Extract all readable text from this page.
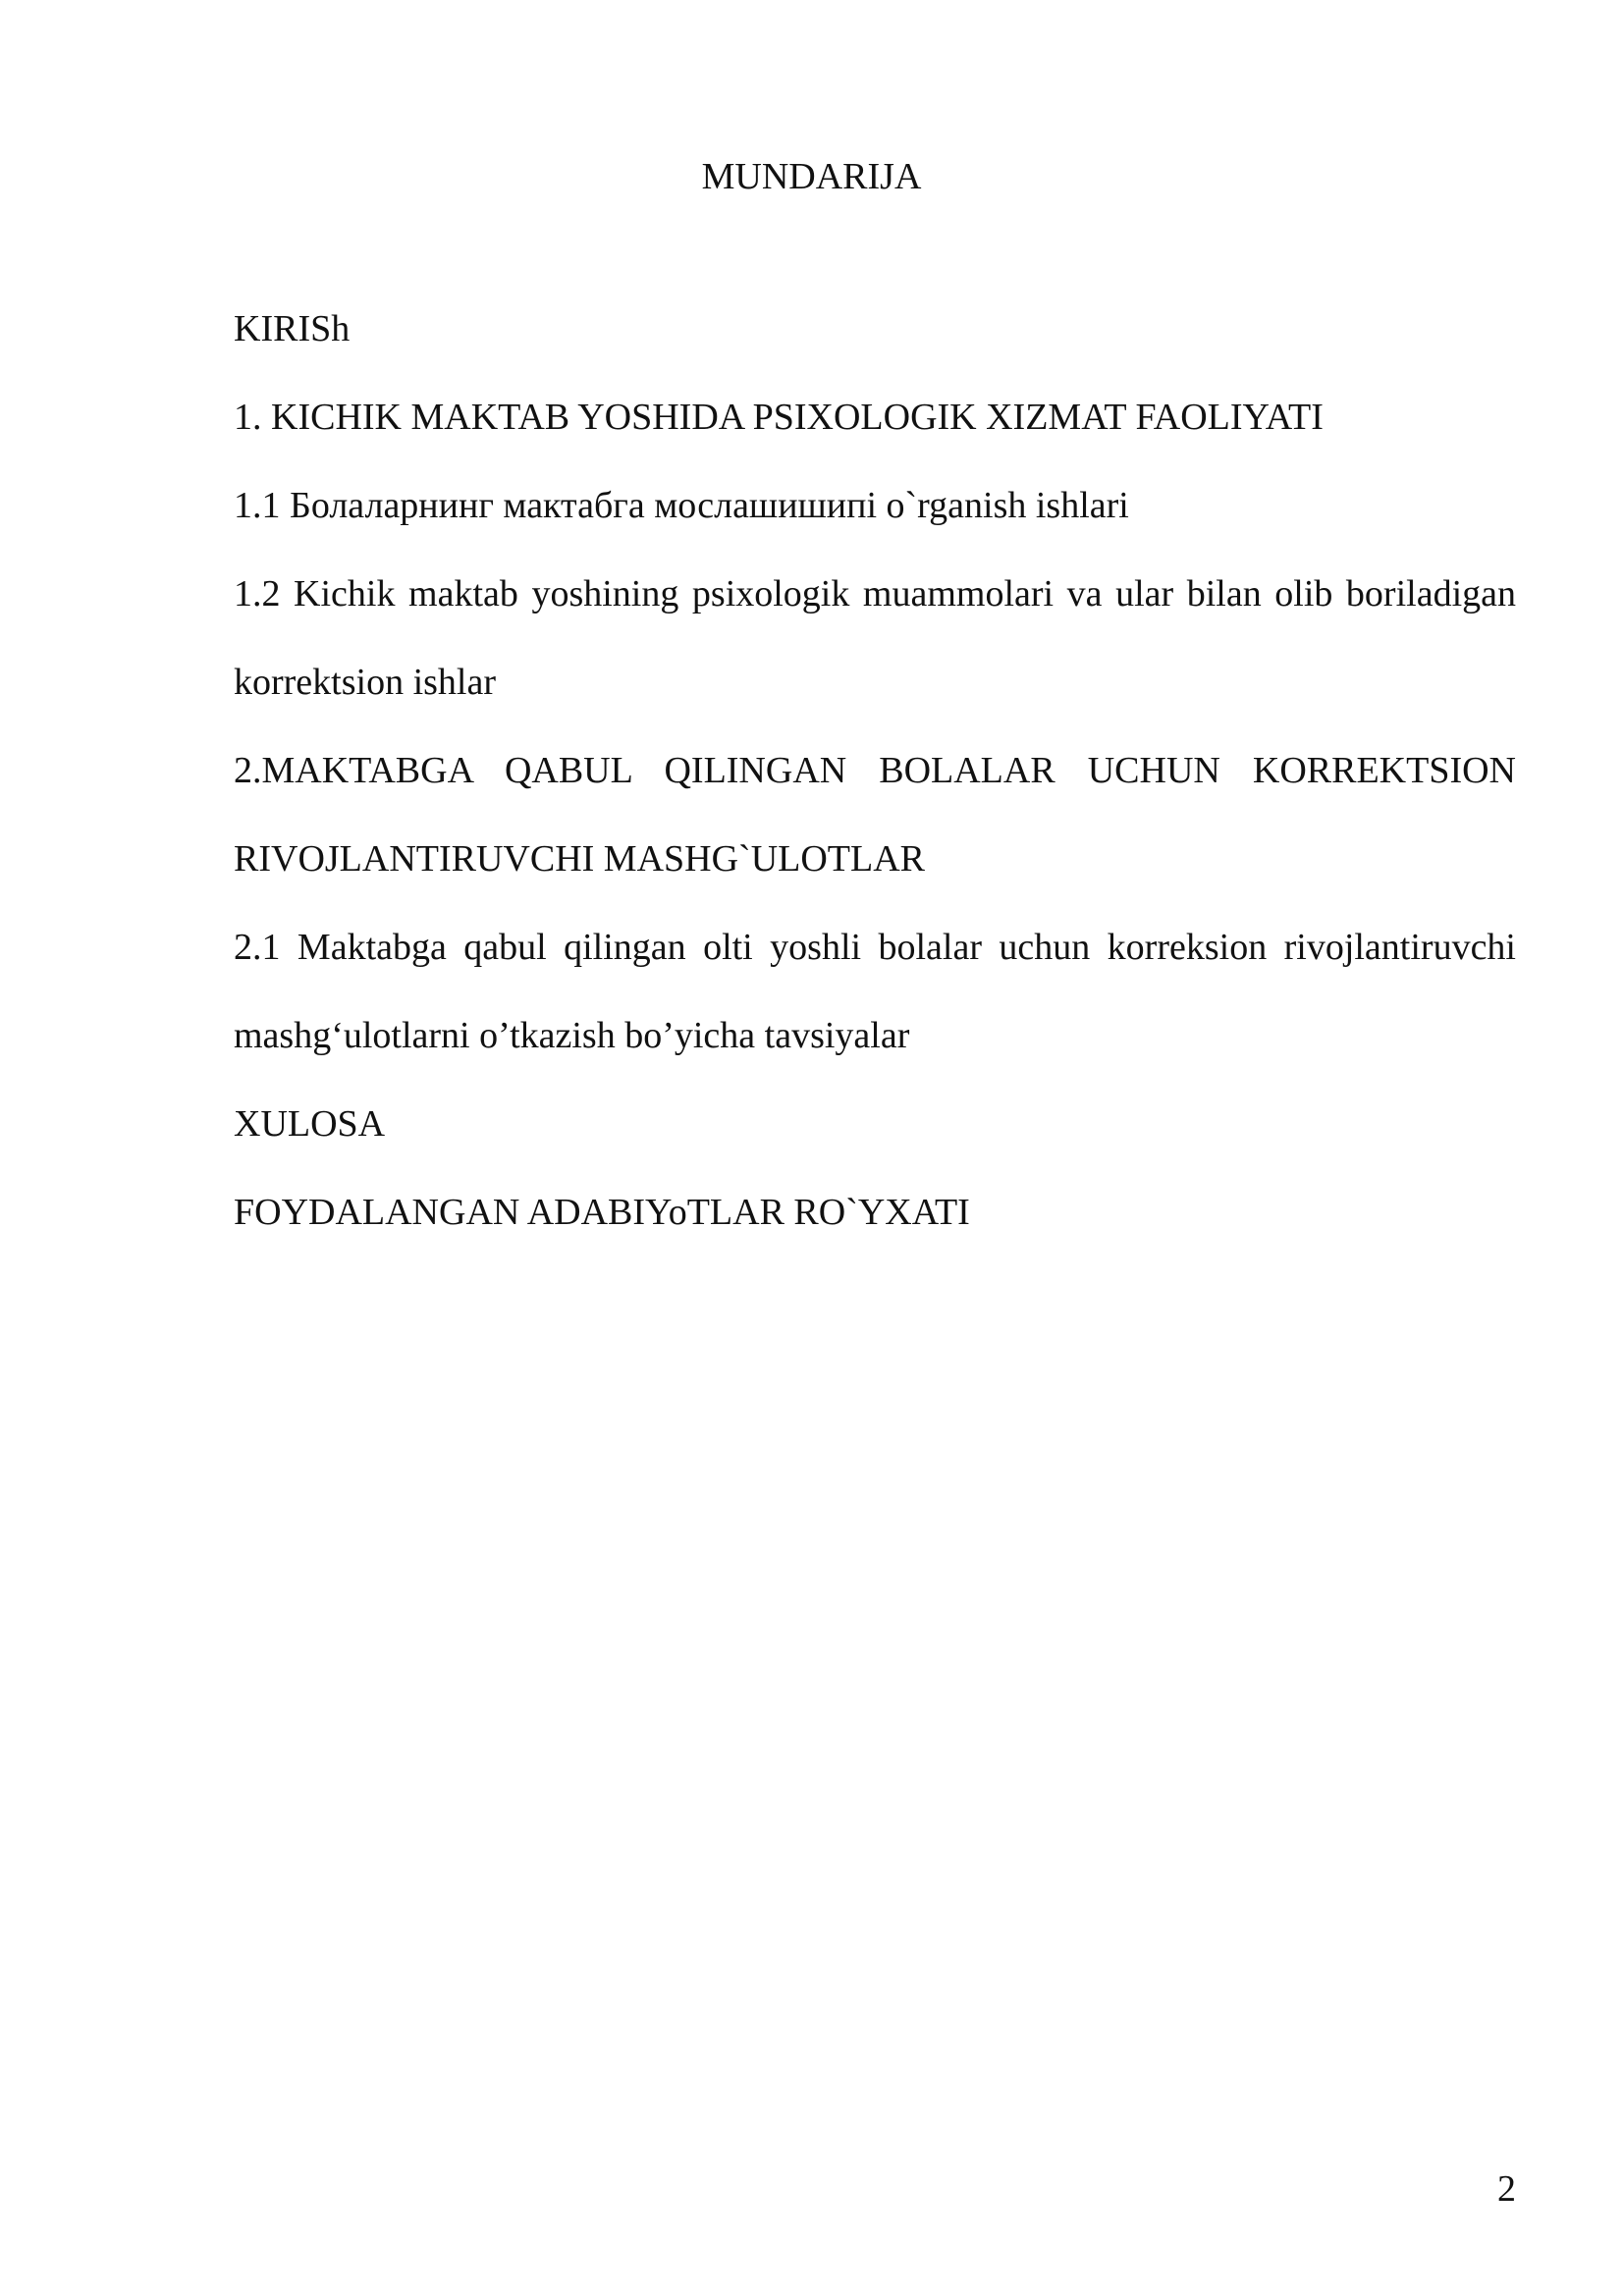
MUNDARIJA
KIRISh
1. KICHIK MAKTAB YOSHIDA PSIXOLOGIK XIZMAT FAOLIYATI
1.1 Болаларнинг мактабга мослашишипі o`rganish ishlari
1.2 Kichik maktab yoshining psixologik muammolari va ular bilan olib boriladigan
korrektsion ishlar
2.MAKTABGA QABUL QILINGAN BOLALAR UCHUN KORREKTSION
RIVOJLANTIRUVCHI MASHG`ULOTLAR
2.1 Maktabga qabul qilingan olti yoshli bolalar uchun korreksion rivojlantiruvchi
mashg‘ulotlarni o’tkazish bo’yicha tavsiyalar
XULOSA
FOYDALANGAN ADABIYoTLAR RO`YXATI
2
